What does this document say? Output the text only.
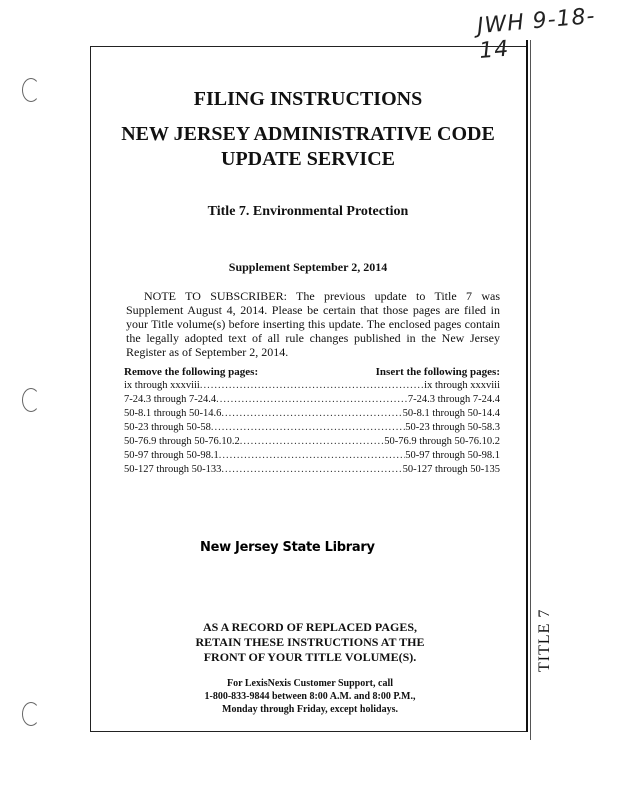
JWH 9-18-14
TITLE 7
FILING INSTRUCTIONS
NEW JERSEY ADMINISTRATIVE CODE
UPDATE SERVICE
Title 7. Environmental Protection
Supplement September 2, 2014

NOTE TO SUBSCRIBER: The previous update to Title 7 was Supplement August 4, 2014. Please be certain that those pages are filed in your Title volume(s) before inserting this update. The enclosed pages contain the legally adopted text of all rule changes published in the New Jersey Register as of September 2, 2014.

Remove the following pages:	Insert the following pages:
ix through xxxviii .....	ix through xxxviii
7-24.3 through 7-24.4 .....	7-24.3 through 7-24.4
50-8.1 through 50-14.6 .....	50-8.1 through 50-14.4
50-23 through 50-58 .....	50-23 through 50-58.3
50-76.9 through 50-76.10.2 .....	50-76.9 through 50-76.10.2
50-97 through 50-98.1 .....	50-97 through 50-98.1
50-127 through 50-133 .....	50-127 through 50-135
New Jersey State Library
AS A RECORD OF REPLACED PAGES,
RETAIN THESE INSTRUCTIONS AT THE
FRONT OF YOUR TITLE VOLUME(S).
For LexisNexis Customer Support, call
1-800-833-9844 between 8:00 A.M. and 8:00 P.M.,
Monday through Friday, except holidays.
